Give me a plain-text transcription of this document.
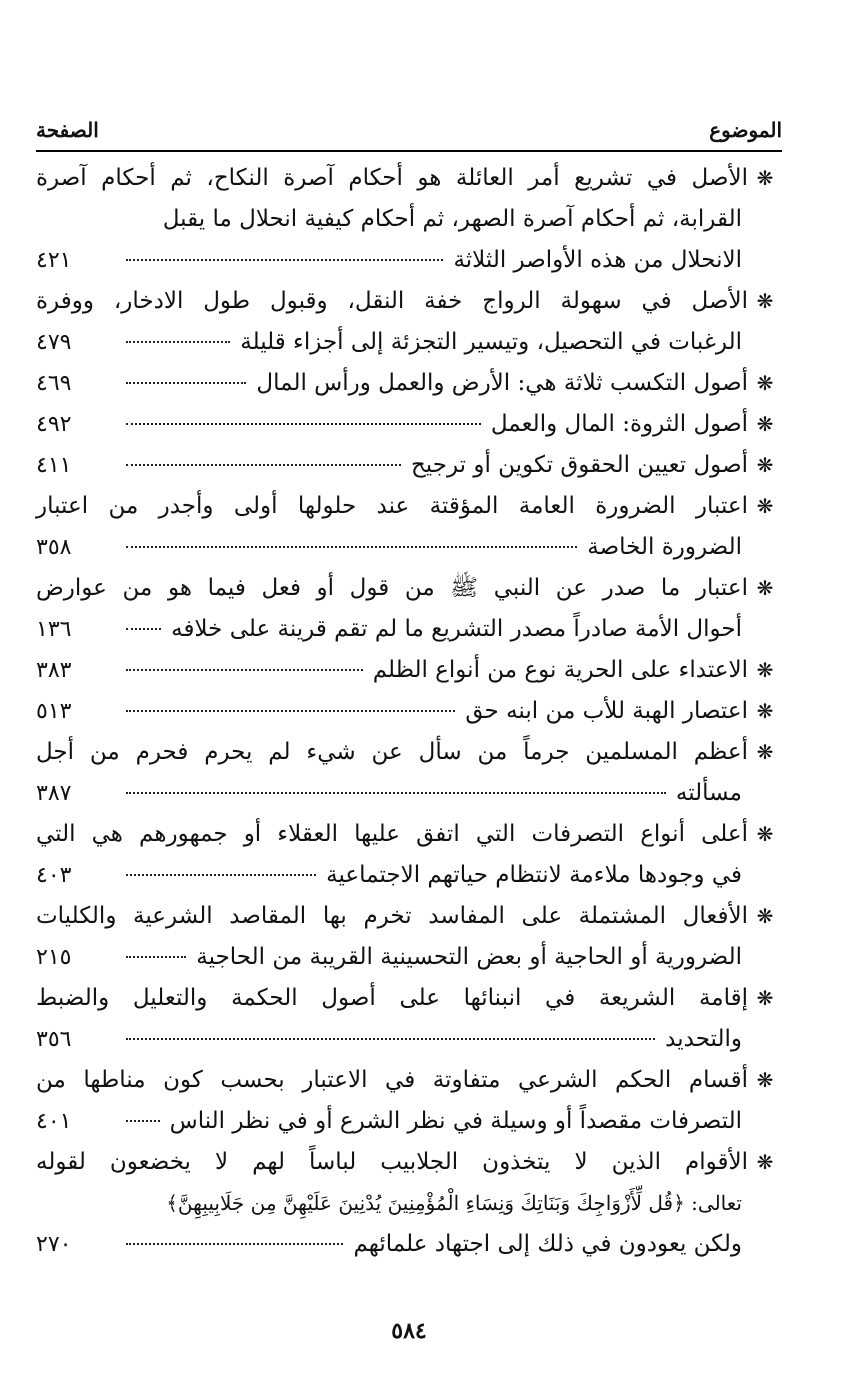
الموضوع
الصفحة
❋
الأصل في تشريع أمر العائلة هو أحكام آصرة النكاح، ثم أحكام آصرة
القرابة، ثم أحكام آصرة الصهر، ثم أحكام كيفية انحلال ما يقبل
الانحلال من هذه الأواصر الثلاثة
٤٢١
❋
الأصل في سهولة الرواج خفة النقل، وقبول طول الادخار، ووفرة
الرغبات في التحصيل، وتيسير التجزئة إلى أجزاء قليلة
٤٧٩
❋
أصول التكسب ثلاثة هي: الأرض والعمل ورأس المال
٤٦٩
❋
أصول الثروة: المال والعمل
٤٩٢
❋
أصول تعيين الحقوق تكوين أو ترجيح
٤١١
❋
اعتبار الضرورة العامة المؤقتة عند حلولها أولى وأجدر من اعتبار
الضرورة الخاصة
٣٥٨
❋
اعتبار ما صدر عن النبي ﷺ من قول أو فعل فيما هو من عوارض
أحوال الأمة صادراً مصدر التشريع ما لم تقم قرينة على خلافه
١٣٦
❋
الاعتداء على الحرية نوع من أنواع الظلم
٣٨٣
❋
اعتصار الهبة للأب من ابنه حق
٥١٣
❋
أعظم المسلمين جرماً من سأل عن شيء لم يحرم فحرم من أجل
مسألته
٣٨٧
❋
أعلى أنواع التصرفات التي اتفق عليها العقلاء أو جمهورهم هي التي
في وجودها ملاءمة لانتظام حياتهم الاجتماعية
٤٠٣
❋
الأفعال المشتملة على المفاسد تخرم بها المقاصد الشرعية والكليات
الضرورية أو الحاجية أو بعض التحسينية القريبة من الحاجية
٢١٥
❋
إقامة الشريعة في انبنائها على أصول الحكمة والتعليل والضبط
والتحديد
٣٥٦
❋
أقسام الحكم الشرعي متفاوتة في الاعتبار بحسب كون مناطها من
التصرفات مقصداً أو وسيلة في نظر الشرع أو في نظر الناس
٤٠١
❋
الأقوام الذين لا يتخذون الجلابيب لباساً لهم لا يخضعون لقوله
تعالى: ﴿قُل لِّأَزْوَاجِكَ وَبَنَاتِكَ وَنِسَاءِ الْمُؤْمِنِينَ يُدْنِينَ عَلَيْهِنَّ مِن جَلَابِيبِهِنَّ﴾
ولكن يعودون في ذلك إلى اجتهاد علمائهم
٢٧٠
٥٨٤
